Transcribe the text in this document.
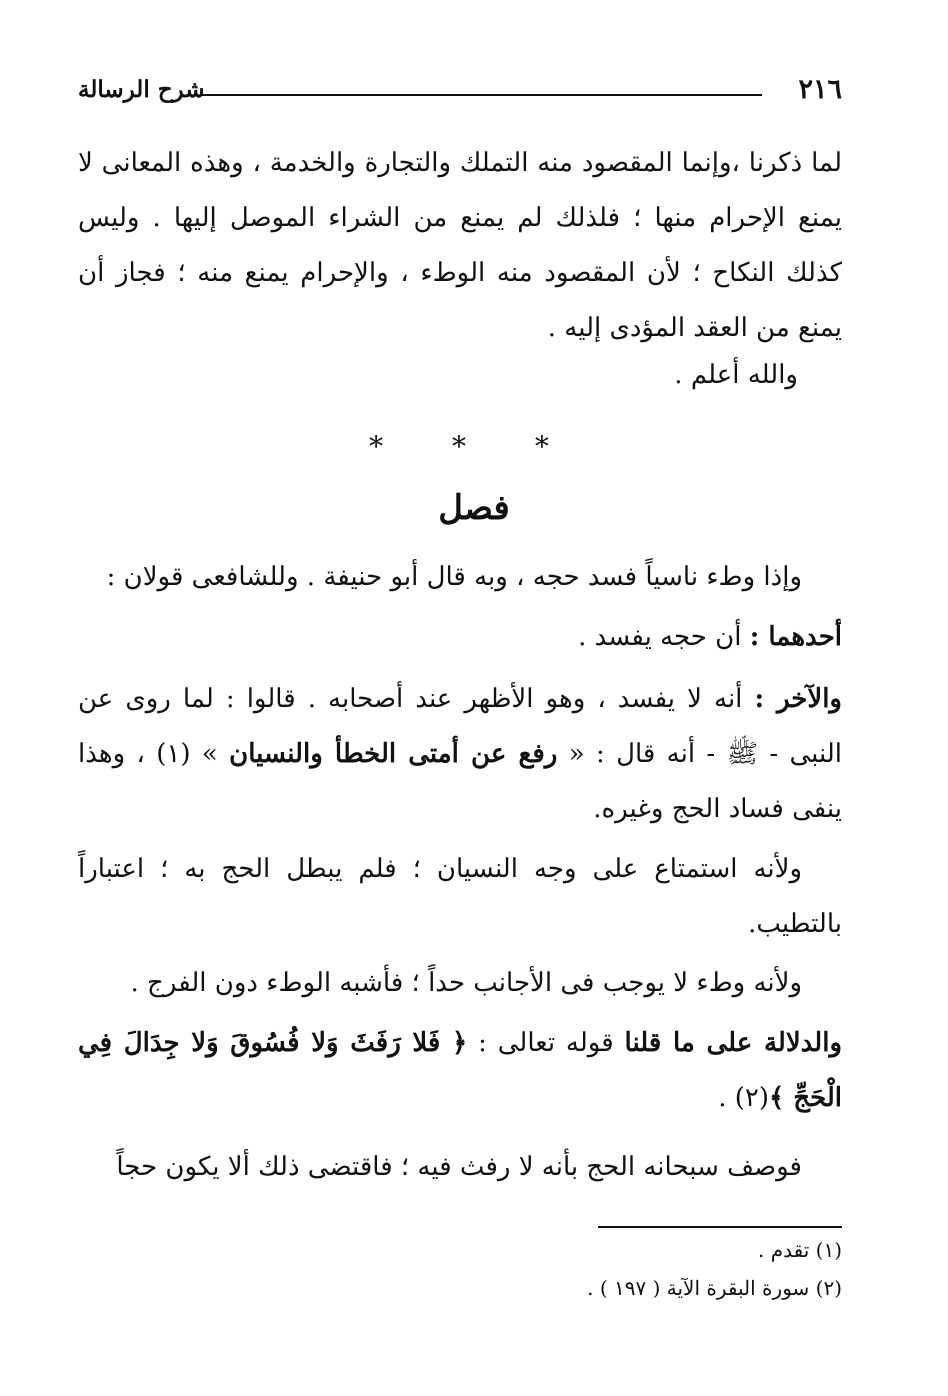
٢١٦
شرح الرسالة

لما ذكرنا ،وإنما المقصود منه التملك والتجارة والخدمة ، وهذه المعانى لا يمنع الإحرام منها ؛ فلذلك لم يمنع من الشراء الموصل إليها . وليس كذلك النكاح ؛ لأن المقصود منه الوطء ، والإحرام يمنع منه ؛ فجاز أن يمنع من العقد المؤدى إليه .

والله أعلم .
* * *
فصل

وإذا وطء ناسياً فسد حجه ، وبه قال أبو حنيفة . وللشافعى قولان :

أحدهما : أن حجه يفسد .

والآخر : أنه لا يفسد ، وهو الأظهر عند أصحابه . قالوا : لما روى عن النبى - ﷺ - أنه قال : « رفع عن أمتى الخطأ والنسيان » (١) ، وهذا ينفى فساد الحج وغيره.

ولأنه استمتاع على وجه النسيان ؛ فلم يبطل الحج به ؛ اعتباراً بالتطيب.

ولأنه وطء لا يوجب فى الأجانب حداً ؛ فأشبه الوطء دون الفرج .

والدلالة على ما قلنا قوله تعالى : ﴿ فَلا رَفَثَ وَلا فُسُوقَ وَلا جِدَالَ فِي الْحَجِّ ﴾(٢) .

فوصف سبحانه الحج بأنه لا رفث فيه ؛ فاقتضى ذلك ألا يكون حجاً

(١) تقدم .
(٢) سورة البقرة الآية ( ١٩٧ ) .
